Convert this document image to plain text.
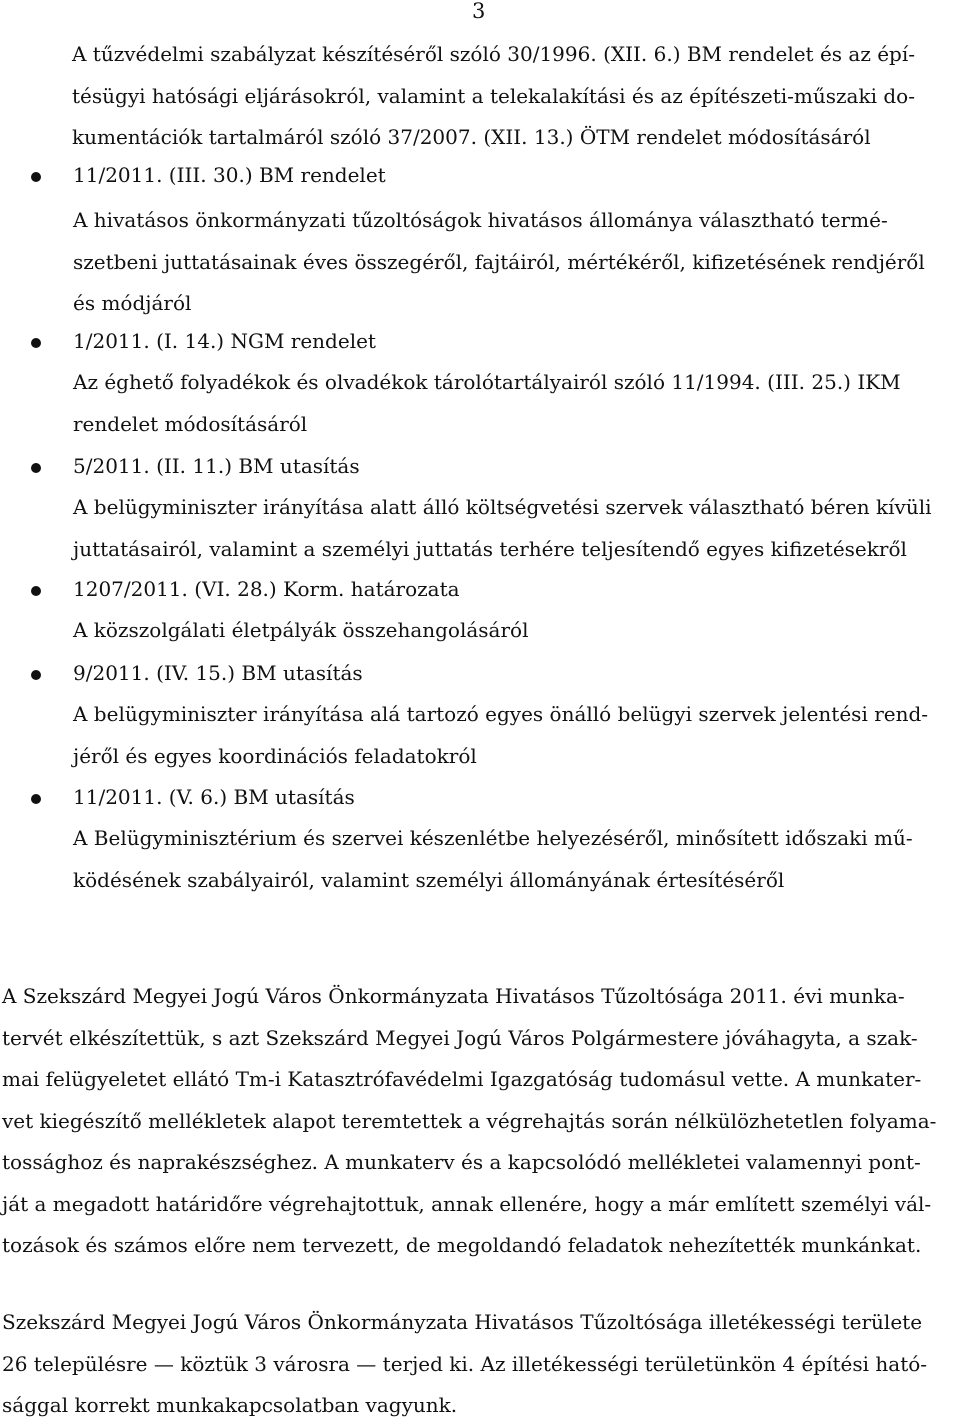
3
A tűzvédelmi szabályzat készítéséről szóló 30/1996. (XII. 6.) BM rendelet és az épí-
tésügyi hatósági eljárásokról, valamint a telekalakítási és az építészeti-műszaki do-
kumentációk tartalmáról szóló 37/2007. (XII. 13.) ÖTM rendelet módosításáról
11/2011. (III. 30.) BM rendelet
A hivatásos önkormányzati tűzoltóságok hivatásos állománya választható termé-
szetbeni juttatásainak éves összegéről, fajtáiról, mértékéről, kifizetésének rendjéről
és módjáról
1/2011. (I. 14.) NGM rendelet
Az éghető folyadékok és olvadékok tárolótartályairól szóló 11/1994. (III. 25.) IKM
rendelet módosításáról
5/2011. (II. 11.) BM utasítás
A belügyminiszter irányítása alatt álló költségvetési szervek választható béren kívüli
juttatásairól, valamint a személyi juttatás terhére teljesítendő egyes kifizetésekről
1207/2011. (VI. 28.) Korm. határozata
A közszolgálati életpályák összehangolásáról
9/2011. (IV. 15.) BM utasítás
A belügyminiszter irányítása alá tartozó egyes önálló belügyi szervek jelentési rend-
jéről és egyes koordinációs feladatokról
11/2011. (V. 6.) BM utasítás
A Belügyminisztérium és szervei készenlétbe helyezéséről, minősített időszaki mű-
ködésének szabályairól, valamint személyi állományának értesítéséről
A Szekszárd Megyei Jogú Város Önkormányzata Hivatásos Tűzoltósága 2011. évi munka-
tervét elkészítettük, s azt Szekszárd Megyei Jogú Város Polgármestere jóváhagyta, a szak-
mai felügyeletet ellátó Tm-i Katasztrófavédelmi Igazgatóság tudomásul vette. A munkater-
vet kiegészítő mellékletek alapot teremtettek a végrehajtás során nélkülözhetetlen folyama-
tossághoz és naprakészséghez. A munkaterv és a kapcsolódó mellékletei valamennyi pont-
ját a megadott határidőre végrehajtottuk, annak ellenére, hogy a már említett személyi vál-
tozások és számos előre nem tervezett, de megoldandó feladatok nehezítették munkánkat.
Szekszárd Megyei Jogú Város Önkormányzata Hivatásos Tűzoltósága illetékességi területe
26 településre — köztük 3 városra — terjed ki. Az illetékességi területünkön 4 építési ható-
sággal korrekt munkakapcsolatban vagyunk.
